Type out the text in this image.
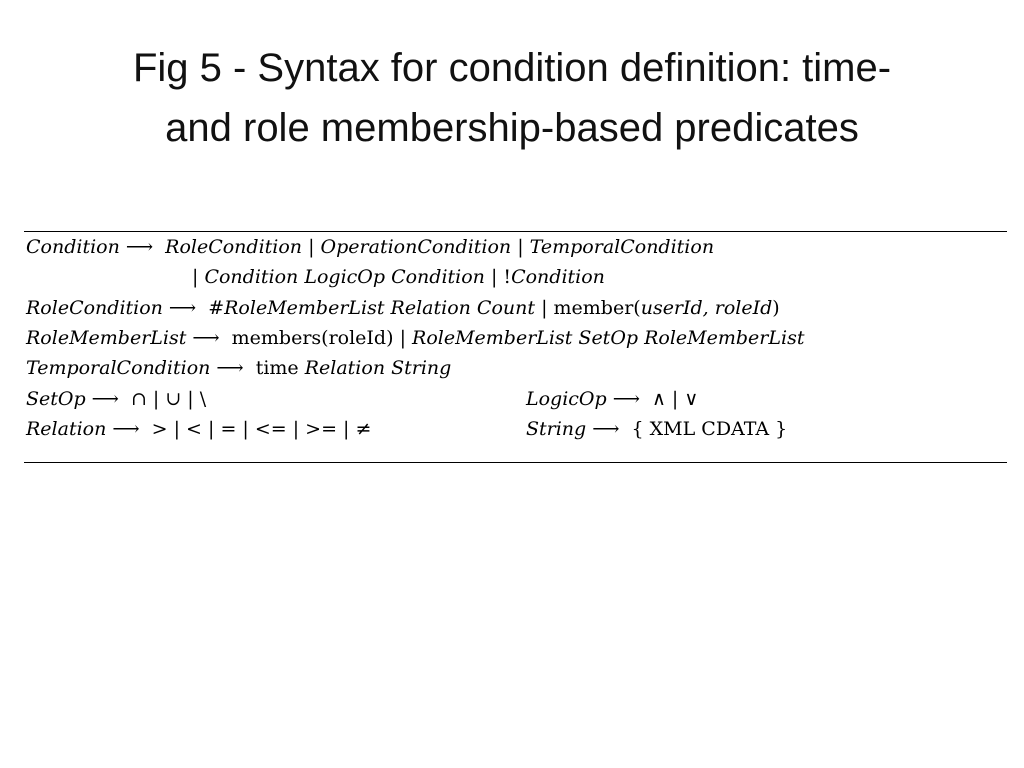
Fig 5 - Syntax for condition definition: time-
and role membership-based predicates
Condition ⟶ RoleCondition | OperationCondition | TemporalCondition
| Condition LogicOp Condition | !Condition
RoleCondition ⟶ #RoleMemberList Relation Count | member(userId, roleId)
RoleMemberList ⟶ members(roleId) | RoleMemberList SetOp RoleMemberList
TemporalCondition ⟶ time Relation String
SetOp ⟶ ∩ | ∪ | \	LogicOp ⟶ ∧ | ∨
Relation ⟶ > | < | = | <= | >= | ≠	String ⟶ { XML CDATA }
